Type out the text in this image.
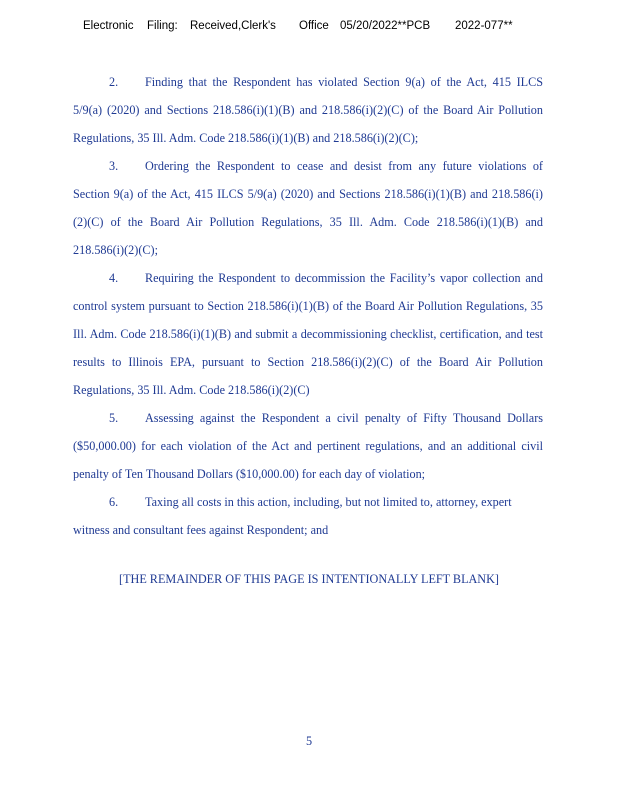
Electronic Filing: Received,Clerk's Office 05/20/2022**PCB 2022-077**

2. Finding that the Respondent has violated Section 9(a) of the Act, 415 ILCS 5/9(a) (2020) and Sections 218.586(i)(1)(B) and 218.586(i)(2)(C) of the Board Air Pollution Regulations, 35 Ill. Adm. Code 218.586(i)(1)(B) and 218.586(i)(2)(C);

3. Ordering the Respondent to cease and desist from any future violations of Section 9(a) of the Act, 415 ILCS 5/9(a) (2020) and Sections 218.586(i)(1)(B) and 218.586(i)(2)(C) of the Board Air Pollution Regulations, 35 Ill. Adm. Code 218.586(i)(1)(B) and 218.586(i)(2)(C);

4. Requiring the Respondent to decommission the Facility’s vapor collection and control system pursuant to Section 218.586(i)(1)(B) of the Board Air Pollution Regulations, 35 Ill. Adm. Code 218.586(i)(1)(B) and submit a decommissioning checklist, certification, and test results to Illinois EPA, pursuant to Section 218.586(i)(2)(C) of the Board Air Pollution Regulations, 35 Ill. Adm. Code 218.586(i)(2)(C)

5. Assessing against the Respondent a civil penalty of Fifty Thousand Dollars ($50,000.00) for each violation of the Act and pertinent regulations, and an additional civil penalty of Ten Thousand Dollars ($10,000.00) for each day of violation;

6. Taxing all costs in this action, including, but not limited to, attorney, expert witness and consultant fees against Respondent; and

[THE REMAINDER OF THIS PAGE IS INTENTIONALLY LEFT BLANK]
5
